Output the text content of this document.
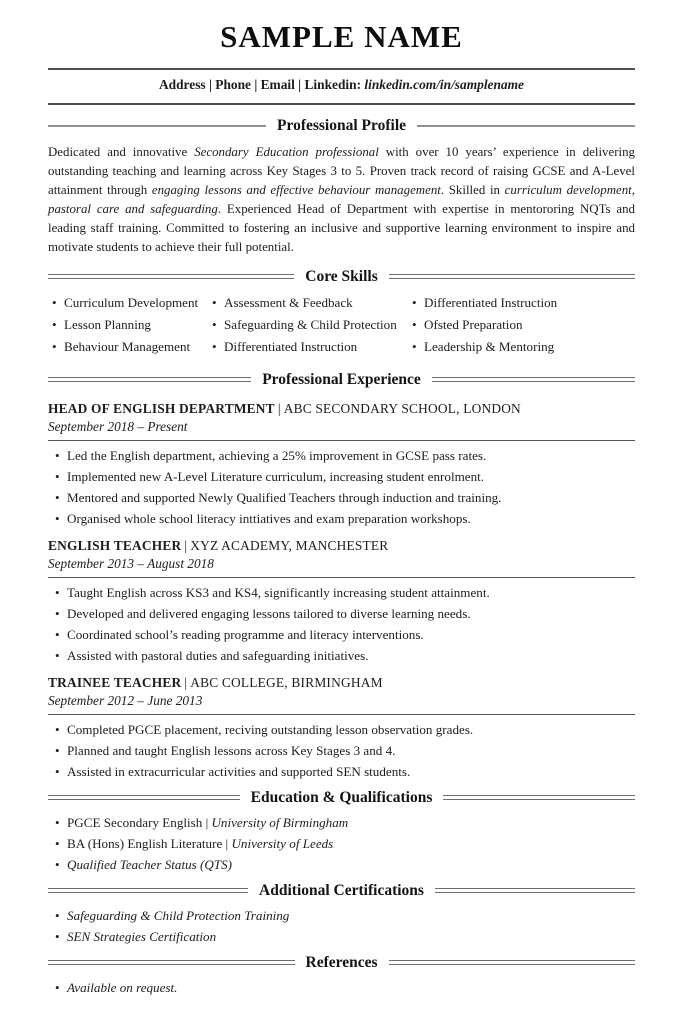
SAMPLE NAME
Address | Phone | Email | Linkedin: linkedin.com/in/samplename
Professional Profile

Dedicated and innovative Secondary Education professional with over 10 years’ experience in delivering outstanding teaching and learning across Key Stages 3 to 5. Proven track record of raising GCSE and A-Level attainment through engaging lessons and effective behaviour management. Skilled in curriculum development, pastoral care and safeguarding. Experienced Head of Department with expertise in mentororing NQTs and leading staff training. Committed to fostering an inclusive and supportive learning environment to inspire and motivate students to achieve their full potential.

Core Skills
• Curriculum Development
• Lesson Planning
• Behaviour Management
• Assessment & Feedback
• Safeguarding & Child Protection
• Differentiated Instruction
• Differentiated Instruction
• Ofsted Preparation
• Leadership & Mentoring
Professional Experience
HEAD OF ENGLISH DEPARTMENT | ABC SECONDARY SCHOOL, LONDON
September 2018 – Present
• Led the English department, achieving a 25% improvement in GCSE pass rates.
• Implemented new A-Level Literature curriculum, increasing student enrolment.
• Mentored and supported Newly Qualified Teachers through induction and training.
• Organised whole school literacy inttiatives and exam preparation workshops.
ENGLISH TEACHER | XYZ ACADEMY, MANCHESTER
September 2013 – August 2018
• Taught English across KS3 and KS4, significantly increasing student attainment.
• Developed and delivered engaging lessons tailored to diverse learning needs.
• Coordinated school’s reading programme and literacy interventions.
• Assisted with pastoral duties and safeguarding initiatives.
TRAINEE TEACHER | ABC COLLEGE, BIRMINGHAM
September 2012 – June 2013
• Completed PGCE placement, reciving outstanding lesson observation grades.
• Planned and taught English lessons across Key Stages 3 and 4.
• Assisted in extracurricular activities and supported SEN students.
Education & Qualifications
• PGCE Secondary English | University of Birmingham
• BA (Hons) English Literature | University of Leeds
• Qualified Teacher Status (QTS)
Additional Certifications
• Safeguarding & Child Protection Training
• SEN Strategies Certification
References
• Available on request.
